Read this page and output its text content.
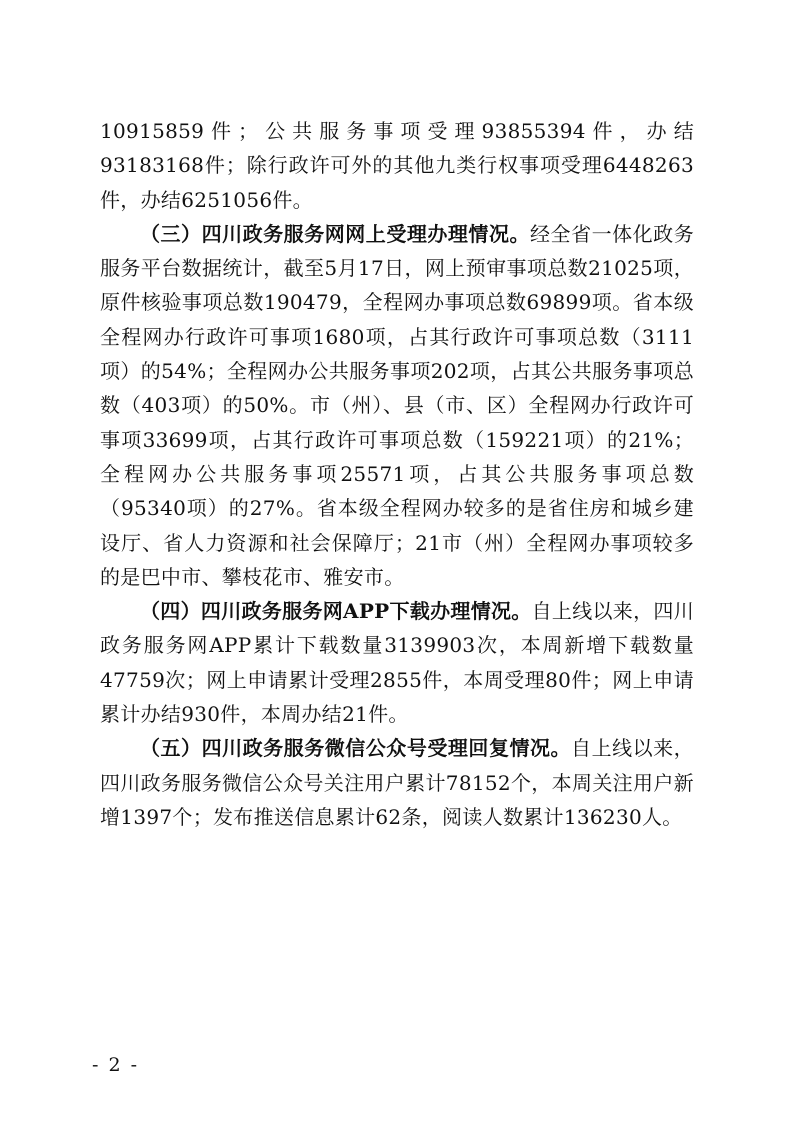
10915859件；公共服务事项受理93855394件，办结93183168件；除行政许可外的其他九类行权事项受理6448263件，办结6251056件。

（三）四川政务服务网网上受理办理情况。经全省一体化政务服务平台数据统计，截至5月17日，网上预审事项总数21025项，原件核验事项总数190479，全程网办事项总数69899项。省本级全程网办行政许可事项1680项，占其行政许可事项总数（3111项）的54%；全程网办公共服务事项202项，占其公共服务事项总数（403项）的50%。市（州）、县（市、区）全程网办行政许可事项33699项，占其行政许可事项总数（159221项）的21%；全程网办公共服务事项25571项，占其公共服务事项总数（95340项）的27%。省本级全程网办较多的是省住房和城乡建设厅、省人力资源和社会保障厅；21市（州）全程网办事项较多的是巴中市、攀枝花市、雅安市。

（四）四川政务服务网APP下载办理情况。自上线以来，四川政务服务网APP累计下载数量3139903次，本周新增下载数量47759次；网上申请累计受理2855件，本周受理80件；网上申请累计办结930件，本周办结21件。

（五）四川政务服务微信公众号受理回复情况。自上线以来，四川政务服务微信公众号关注用户累计78152个，本周关注用户新增1397个；发布推送信息累计62条，阅读人数累计136230人。

- 2 -
